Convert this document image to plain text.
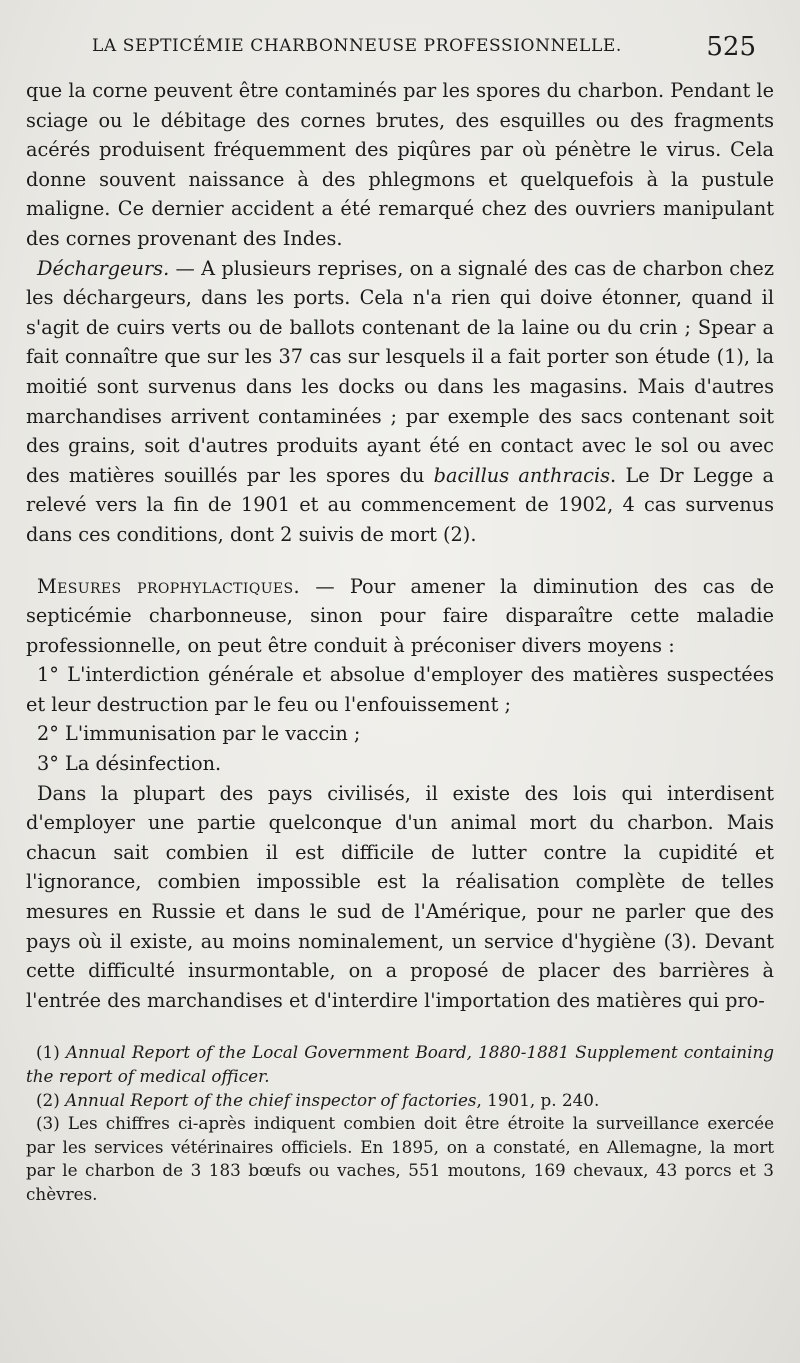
LA SEPTICÉMIE CHARBONNEUSE PROFESSIONNELLE.	525

que la corne peuvent être contaminés par les spores du charbon. Pendant le sciage ou le débitage des cornes brutes, des esquilles ou des fragments acérés produisent fréquemment des piqûres par où pénètre le virus. Cela donne souvent naissance à des phlegmons et quelquefois à la pustule maligne. Ce dernier accident a été remarqué chez des ouvriers manipulant des cornes provenant des Indes.

Déchargeurs. — A plusieurs reprises, on a signalé des cas de charbon chez les déchargeurs, dans les ports. Cela n'a rien qui doive étonner, quand il s'agit de cuirs verts ou de ballots contenant de la laine ou du crin ; Spear a fait connaître que sur les 37 cas sur lesquels il a fait porter son étude (1), la moitié sont survenus dans les docks ou dans les magasins. Mais d'autres marchandises arrivent contaminées ; par exemple des sacs contenant soit des grains, soit d'autres produits ayant été en contact avec le sol ou avec des matières souillés par les spores du bacillus anthracis. Le Dr Legge a relevé vers la fin de 1901 et au commencement de 1902, 4 cas survenus dans ces conditions, dont 2 suivis de mort (2).

Mesures prophylactiques. — Pour amener la diminution des cas de septicémie charbonneuse, sinon pour faire disparaître cette maladie professionnelle, on peut être conduit à préconiser divers moyens :

1° L'interdiction générale et absolue d'employer des matières suspectées et leur destruction par le feu ou l'enfouissement ;

2° L'immunisation par le vaccin ;

3° La désinfection.

Dans la plupart des pays civilisés, il existe des lois qui interdisent d'employer une partie quelconque d'un animal mort du charbon. Mais chacun sait combien il est difficile de lutter contre la cupidité et l'ignorance, combien impossible est la réalisation complète de telles mesures en Russie et dans le sud de l'Amérique, pour ne parler que des pays où il existe, au moins nominalement, un service d'hygiène (3). Devant cette difficulté insurmontable, on a proposé de placer des barrières à l'entrée des marchandises et d'interdire l'importation des matières qui pro-

(1) Annual Report of the Local Government Board, 1880-1881 Supplement containing the report of medical officer.

(2) Annual Report of the chief inspector of factories, 1901, p. 240.

(3) Les chiffres ci-après indiquent combien doit être étroite la surveillance exercée par les services vétérinaires officiels. En 1895, on a constaté, en Allemagne, la mort par le charbon de 3 183 bœufs ou vaches, 551 moutons, 169 chevaux, 43 porcs et 3 chèvres.
